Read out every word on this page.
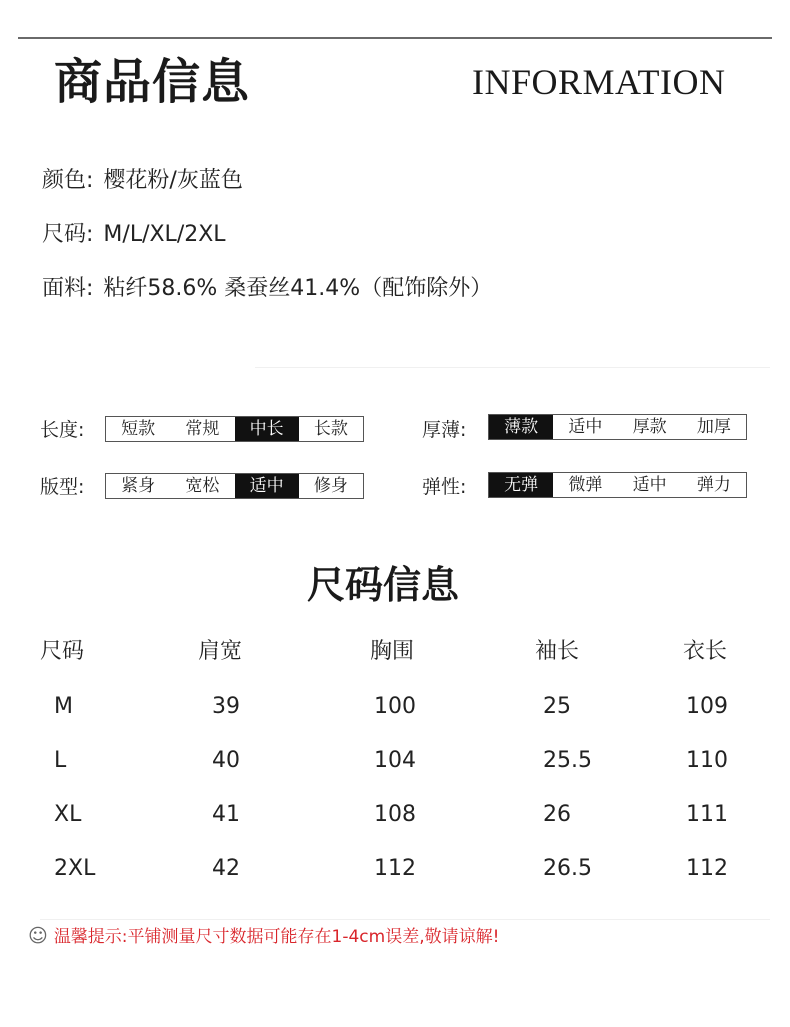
商品信息	INFORMATION
颜色: 樱花粉/灰蓝色
尺码: M/L/XL/2XL
面料: 粘纤58.6% 桑蚕丝41.4%（配饰除外）
长度:	短款	常规	中长	长款	厚薄:	薄款	适中	厚款	加厚
版型:	紧身	宽松	适中	修身	弹性:	无弹	微弹	适中	弹力
尺码信息
尺码	肩宽	胸围	袖长	衣长
M	39	100	25	109
L	40	104	25.5	110
XL	41	108	26	111
2XL	42	112	26.5	112
☺ 温馨提示:平铺测量尺寸数据可能存在1-4cm误差,敬请谅解!
